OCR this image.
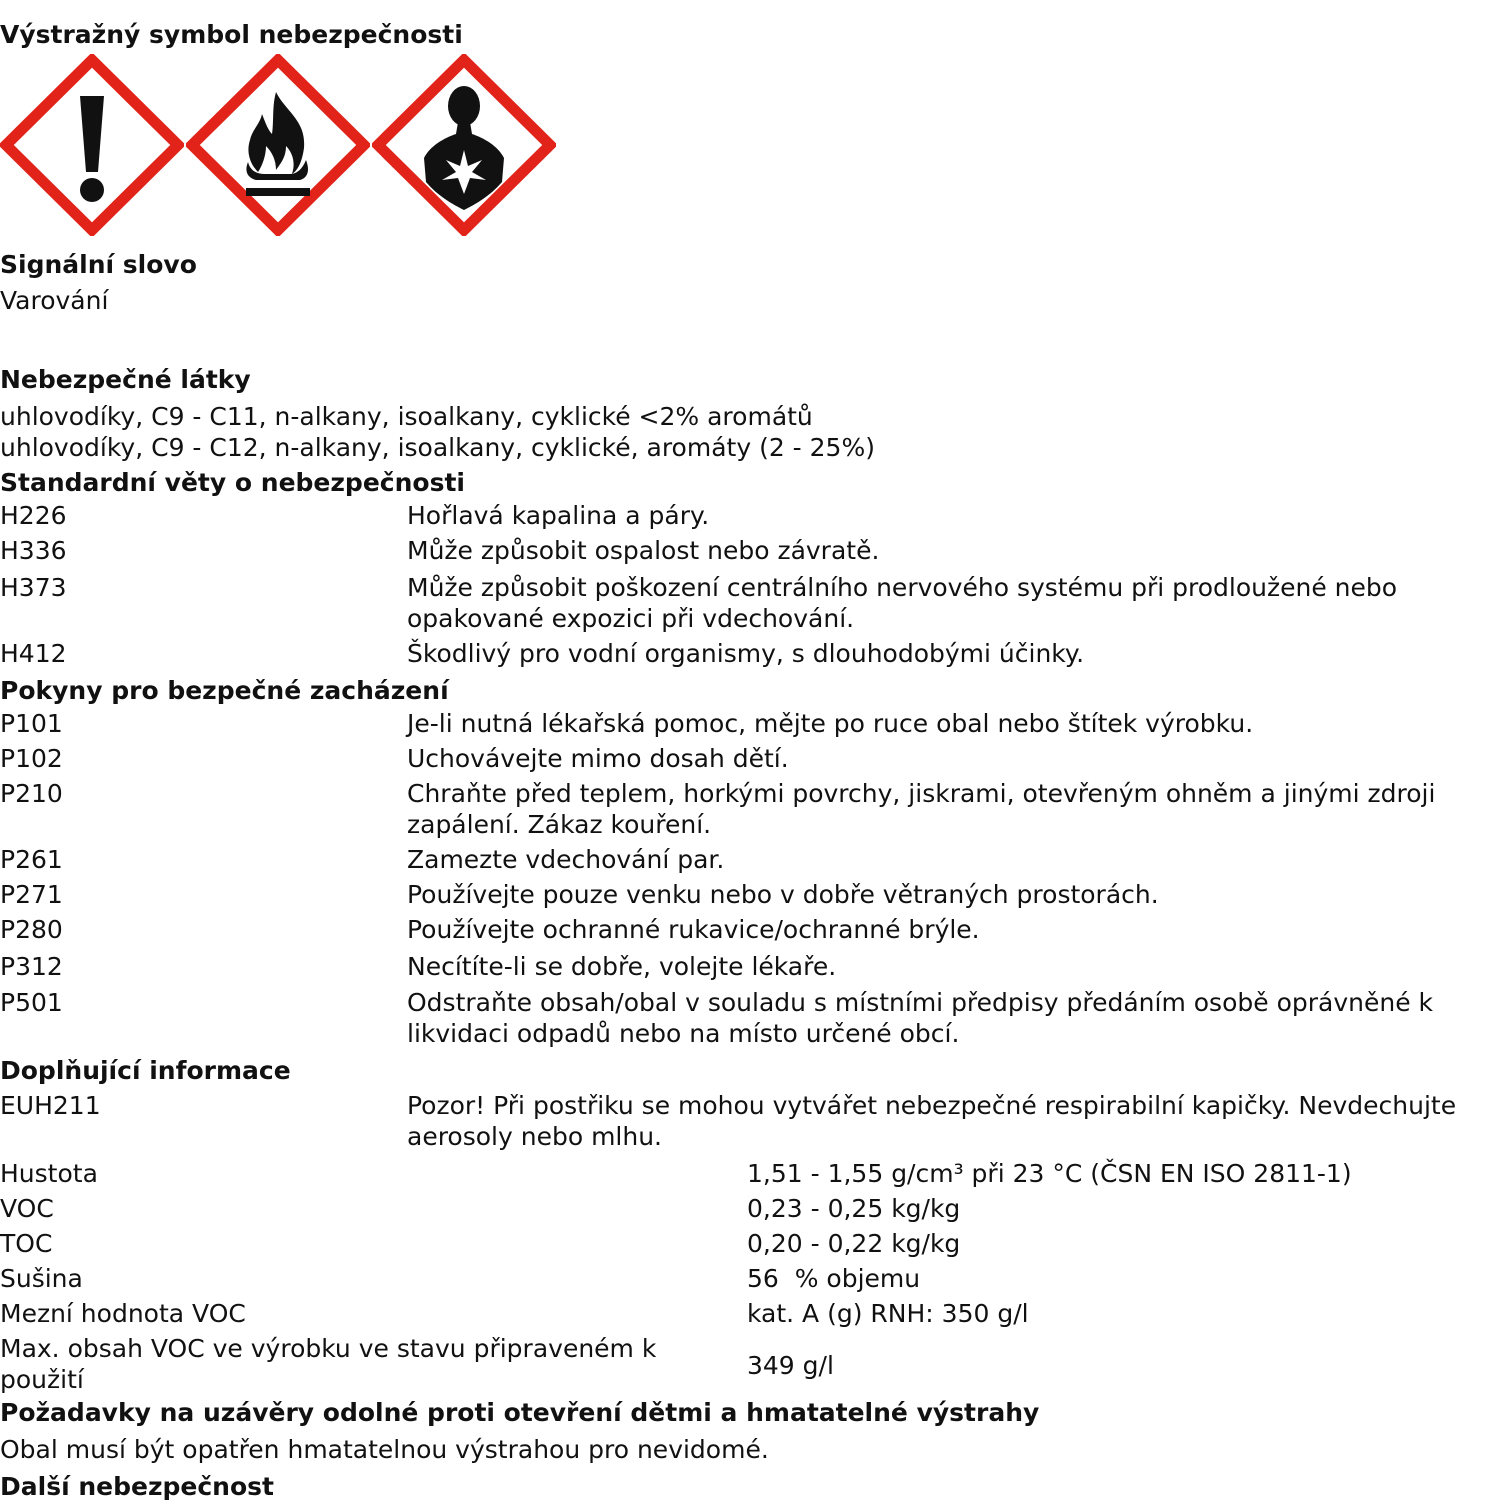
Výstražný symbol nebezpečnosti
Signální slovo
Varování
Nebezpečné látky
uhlovodíky, C9 - C11, n-alkany, isoalkany, cyklické <2% aromátů
uhlovodíky, C9 - C12, n-alkany, isoalkany, cyklické, aromáty (2 - 25%)
Standardní věty o nebezpečnosti
H226	Hořlavá kapalina a páry.
H336	Může způsobit ospalost nebo závratě.
H373	Může způsobit poškození centrálního nervového systému při prodloužené nebo opakované expozici při vdechování.
H412	Škodlivý pro vodní organismy, s dlouhodobými účinky.
Pokyny pro bezpečné zacházení
P101	Je-li nutná lékařská pomoc, mějte po ruce obal nebo štítek výrobku.
P102	Uchovávejte mimo dosah dětí.
P210	Chraňte před teplem, horkými povrchy, jiskrami, otevřeným ohněm a jinými zdroji zapálení. Zákaz kouření.
P261	Zamezte vdechování par.
P271	Používejte pouze venku nebo v dobře větraných prostorách.
P280	Používejte ochranné rukavice/ochranné brýle.
P312	Necítíte-li se dobře, volejte lékaře.
P501	Odstraňte obsah/obal v souladu s místními předpisy předáním osobě oprávněné k likvidaci odpadů nebo na místo určené obcí.
Doplňující informace
EUH211	Pozor! Při postřiku se mohou vytvářet nebezpečné respirabilní kapičky. Nevdechujte aerosoly nebo mlhu.
Hustota	1,51 - 1,55 g/cm³ při 23 °C (ČSN EN ISO 2811-1)
VOC	0,23 - 0,25 kg/kg
TOC	0,20 - 0,22 kg/kg
Sušina	56  % objemu
Mezní hodnota VOC	kat. A (g) RNH: 350 g/l
Max. obsah VOC ve výrobku ve stavu připraveném k použití	349 g/l
Požadavky na uzávěry odolné proti otevření dětmi a hmatatelné výstrahy
Obal musí být opatřen hmatatelnou výstrahou pro nevidomé.
Další nebezpečnost
